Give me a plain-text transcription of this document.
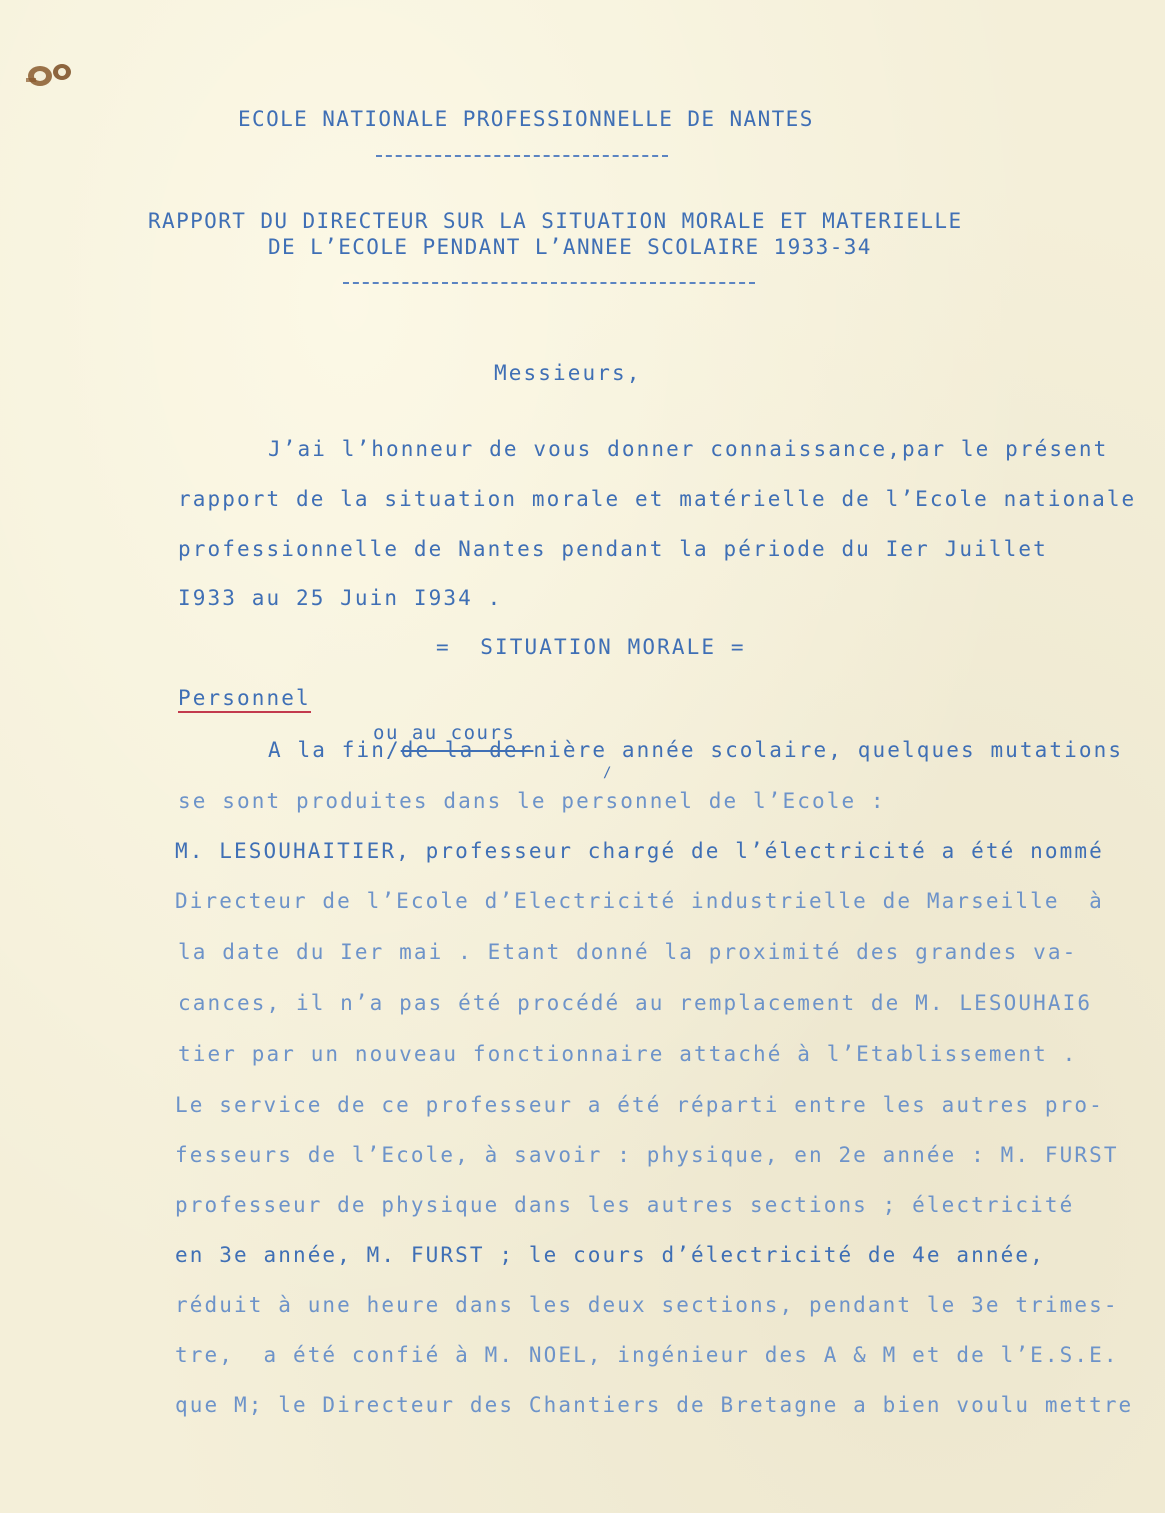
ECOLE NATIONALE PROFESSIONNELLE DE NANTES
RAPPORT DU DIRECTEUR SUR LA SITUATION MORALE ET MATERIELLE
DE L’ECOLE PENDANT L’ANNEE SCOLAIRE 1933-34
Messieurs,
J’ai l’honneur de vous donner connaissance,par le présent
rapport de la situation morale et matérielle de l’Ecole nationale
professionnelle de Nantes pendant la période du Ier Juillet
I933 au 25 Juin I934 .
=  SITUATION MORALE =
Personnel
ou au cours
A la fin/de la dernière année scolaire, quelques mutations
/
se sont produites dans le personnel de l’Ecole :
M. LESOUHAITIER, professeur chargé de l’électricité a été nommé
Directeur de l’Ecole d’Electricité industrielle de Marseille  à
la date du Ier mai . Etant donné la proximité des grandes va-
cances, il n’a pas été procédé au remplacement de M. LESOUHAI6
tier par un nouveau fonctionnaire attaché à l’Etablissement .
Le service de ce professeur a été réparti entre les autres pro-
fesseurs de l’Ecole, à savoir : physique, en 2e année : M. FURST
professeur de physique dans les autres sections ; électricité
en 3e année, M. FURST ; le cours d’électricité de 4e année,
réduit à une heure dans les deux sections, pendant le 3e trimes-
tre,  a été confié à M. NOEL, ingénieur des A & M et de l’E.S.E.
que M; le Directeur des Chantiers de Bretagne a bien voulu mettre
